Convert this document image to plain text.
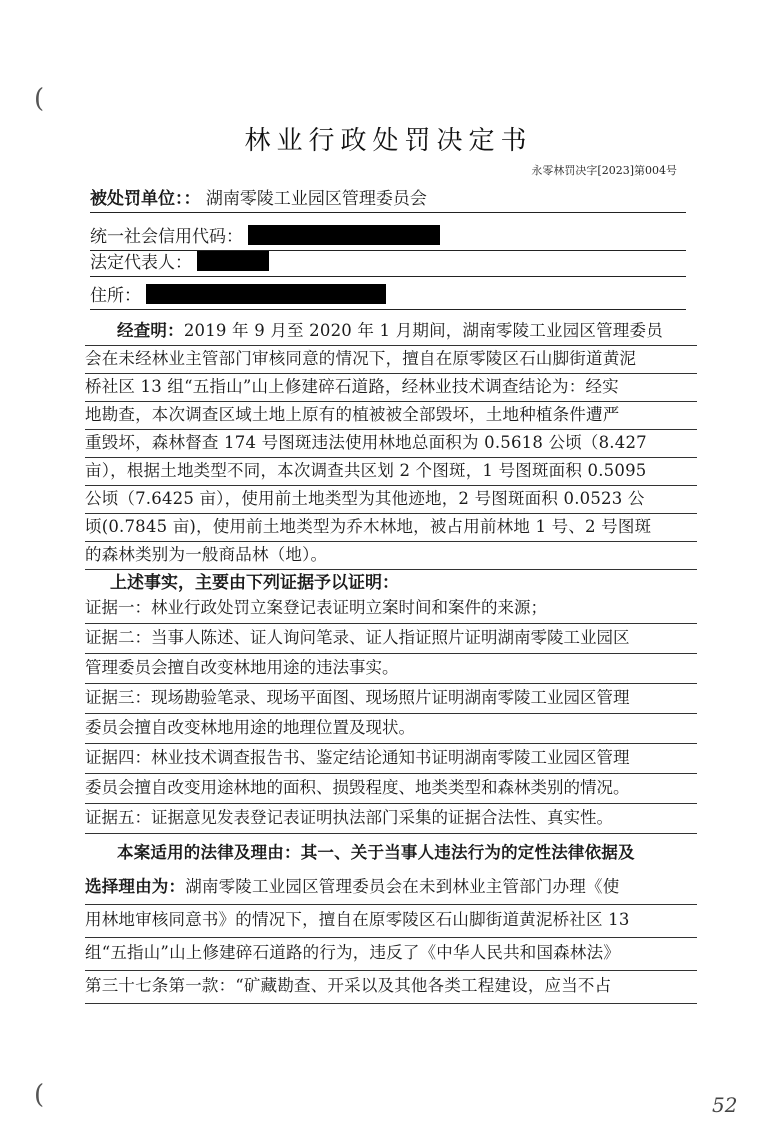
(
(
林业行政处罚决定书
永零林罚决字[2023]第004号
被处罚单位：： 湖南零陵工业园区管理委员会
统一社会信用代码：
法定代表人：
住所：
经查明：2019 年 9 月至 2020 年 1 月期间，湖南零陵工业园区管理委员
会在未经林业主管部门审核同意的情况下，擅自在原零陵区石山脚街道黄泥
桥社区 13 组“五指山”山上修建碎石道路，经林业技术调查结论为：经实
地勘查，本次调查区域土地上原有的植被被全部毁坏，土地种植条件遭严
重毁坏，森林督查 174 号图斑违法使用林地总面积为 0.5618 公顷（8.427
亩），根据土地类型不同，本次调查共区划 2 个图斑，1 号图斑面积 0.5095
公顷（7.6425 亩），使用前土地类型为其他迹地，2 号图斑面积 0.0523 公
顷(0.7845 亩)，使用前土地类型为乔木林地，被占用前林地 1 号、2 号图斑
的森林类别为一般商品林（地）。
上述事实，主要由下列证据予以证明：
证据一：林业行政处罚立案登记表证明立案时间和案件的来源；
证据二：当事人陈述、证人询问笔录、证人指证照片证明湖南零陵工业园区
管理委员会擅自改变林地用途的违法事实。
证据三：现场勘验笔录、现场平面图、现场照片证明湖南零陵工业园区管理
委员会擅自改变林地用途的地理位置及现状。
证据四：林业技术调查报告书、鉴定结论通知书证明湖南零陵工业园区管理
委员会擅自改变用途林地的面积、损毁程度、地类类型和森林类别的情况。
证据五：证据意见发表登记表证明执法部门采集的证据合法性、真实性。
本案适用的法律及理由：其一、关于当事人违法行为的定性法律依据及
选择理由为：湖南零陵工业园区管理委员会在未到林业主管部门办理《使
用林地审核同意书》的情况下，擅自在原零陵区石山脚街道黄泥桥社区 13
组“五指山”山上修建碎石道路的行为，违反了《中华人民共和国森林法》
第三十七条第一款：“矿藏勘查、开采以及其他各类工程建设，应当不占
52
